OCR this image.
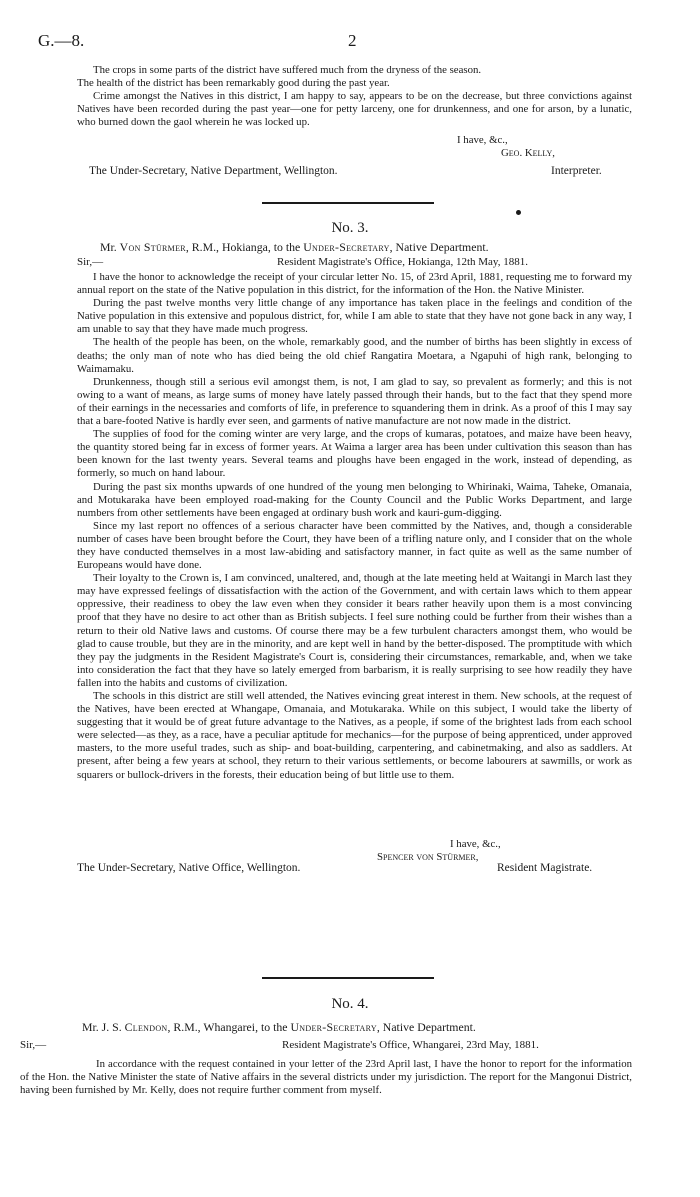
G.—8.	2

The crops in some parts of the district have suffered much from the dryness of the season.

The health of the district has been remarkably good during the past year.

Crime amongst the Natives in this district, I am happy to say, appears to be on the decrease, but three convictions against Natives have been recorded during the past year—one for petty larceny, one for drunkenness, and one for arson, by a lunatic, who burned down the gaol wherein he was locked up.

I have, &c.,
Geo. Kelly,
The Under-Secretary, Native Department, Wellington.	Interpreter.
No. 3.
Mr. Von Stürmer, R.M., Hokianga, to the Under-Secretary, Native Department.
Sir,—	Resident Magistrate's Office, Hokianga, 12th May, 1881.

I have the honor to acknowledge the receipt of your circular letter No. 15, of 23rd April, 1881, requesting me to forward my annual report on the state of the Native population in this district, for the information of the Hon. the Native Minister.

During the past twelve months very little change of any importance has taken place in the feelings and condition of the Native population in this extensive and populous district, for, while I am able to state that they have not gone back in any way, I am unable to say that they have made much progress.

The health of the people has been, on the whole, remarkably good, and the number of births has been slightly in excess of deaths; the only man of note who has died being the old chief Rangatira Moetara, a Ngapuhi of high rank, belonging to Waimamaku.

Drunkenness, though still a serious evil amongst them, is not, I am glad to say, so prevalent as formerly; and this is not owing to a want of means, as large sums of money have lately passed through their hands, but to the fact that they spend more of their earnings in the necessaries and comforts of life, in preference to squandering them in drink. As a proof of this I may say that a bare-footed Native is hardly ever seen, and garments of native manufacture are not now made in the district.

The supplies of food for the coming winter are very large, and the crops of kumaras, potatoes, and maize have been heavy, the quantity stored being far in excess of former years. At Waima a larger area has been under cultivation this season than has been known for the last twenty years. Several teams and ploughs have been engaged in the work, instead of depending, as formerly, so much on hand labour.

During the past six months upwards of one hundred of the young men belonging to Whirinaki, Waima, Taheke, Omanaia, and Motukaraka have been employed road-making for the County Council and the Public Works Department, and large numbers from other settlements have been engaged at ordinary bush work and kauri-gum-digging.

Since my last report no offences of a serious character have been committed by the Natives, and, though a considerable number of cases have been brought before the Court, they have been of a trifling nature only, and I consider that on the whole they have conducted themselves in a most law-abiding and satisfactory manner, in fact quite as well as the same number of Europeans would have done.

Their loyalty to the Crown is, I am convinced, unaltered, and, though at the late meeting held at Waitangi in March last they may have expressed feelings of dissatisfaction with the action of the Government, and with certain laws which to them appear oppressive, their readiness to obey the law even when they consider it bears rather heavily upon them is a most convincing proof that they have no desire to act other than as British subjects. I feel sure nothing could be further from their wishes than a return to their old Native laws and customs. Of course there may be a few turbulent characters amongst them, who would be glad to cause trouble, but they are in the minority, and are kept well in hand by the better-disposed. The promptitude with which they pay the judgments in the Resident Magistrate's Court is, considering their circumstances, remarkable, and, when we take into consideration the fact that they have so lately emerged from barbarism, it is really surprising to see how readily they have fallen into the habits and customs of civilization.

The schools in this district are still well attended, the Natives evincing great interest in them. New schools, at the request of the Natives, have been erected at Whangape, Omanaia, and Motukaraka. While on this subject, I would take the liberty of suggesting that it would be of great future advantage to the Natives, as a people, if some of the brightest lads from each school were selected—as they, as a race, have a peculiar aptitude for mechanics—for the purpose of being apprenticed, under approved masters, to the more useful trades, such as ship- and boat-building, carpentering, and cabinetmaking, and also as saddlers. At present, after being a few years at school, they return to their various settlements, or become labourers at sawmills, or work as squarers or bullock-drivers in the forests, their education being of but little use to them.

I have, &c.,
Spencer von Stürmer,
The Under-Secretary, Native Office, Wellington.	Resident Magistrate.
No. 4.
Mr. J. S. Clendon, R.M., Whangarei, to the Under-Secretary, Native Department.
Sir,—	Resident Magistrate's Office, Whangarei, 23rd May, 1881.

In accordance with the request contained in your letter of the 23rd April last, I have the honor to report for the information of the Hon. the Native Minister the state of Native affairs in the several districts under my jurisdiction. The report for the Mangonui District, having been furnished by Mr. Kelly, does not require further comment from myself.
